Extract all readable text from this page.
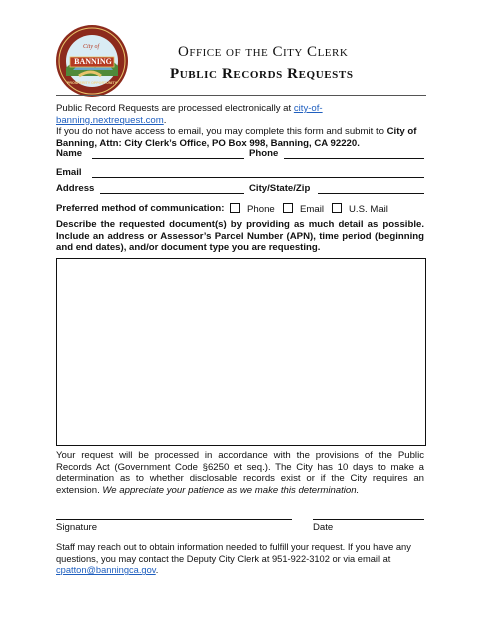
City of
BANNING
PROSPERITY OPPORTUNITY
Office of the City Clerk
Public Records Requests
Public Record Requests are processed electronically at city-of-banning.nextrequest.com.
If you do not have access to email, you may complete this form and submit to City of Banning, Attn: City Clerk’s Office, PO Box 998, Banning, CA 92220.
Name	Phone
Email
Address	City/State/Zip
Preferred method of communication: Phone	Email	U.S. Mail
Describe the requested document(s) by providing as much detail as possible. Include an address or Assessor’s Parcel Number (APN), time period (beginning and end dates), and/or document type you are requesting.
Your request will be processed in accordance with the provisions of the Public Records Act (Government Code §6250 et seq.). The City has 10 days to make a determination as to whether disclosable records exist or if the City requires an extension. We appreciate your patience as we make this determination.
Signature	Date
Staff may reach out to obtain information needed to fulfill your request. If you have any questions, you may contact the Deputy City Clerk at 951-922-3102 or via email at cpatton@banningca.gov.
